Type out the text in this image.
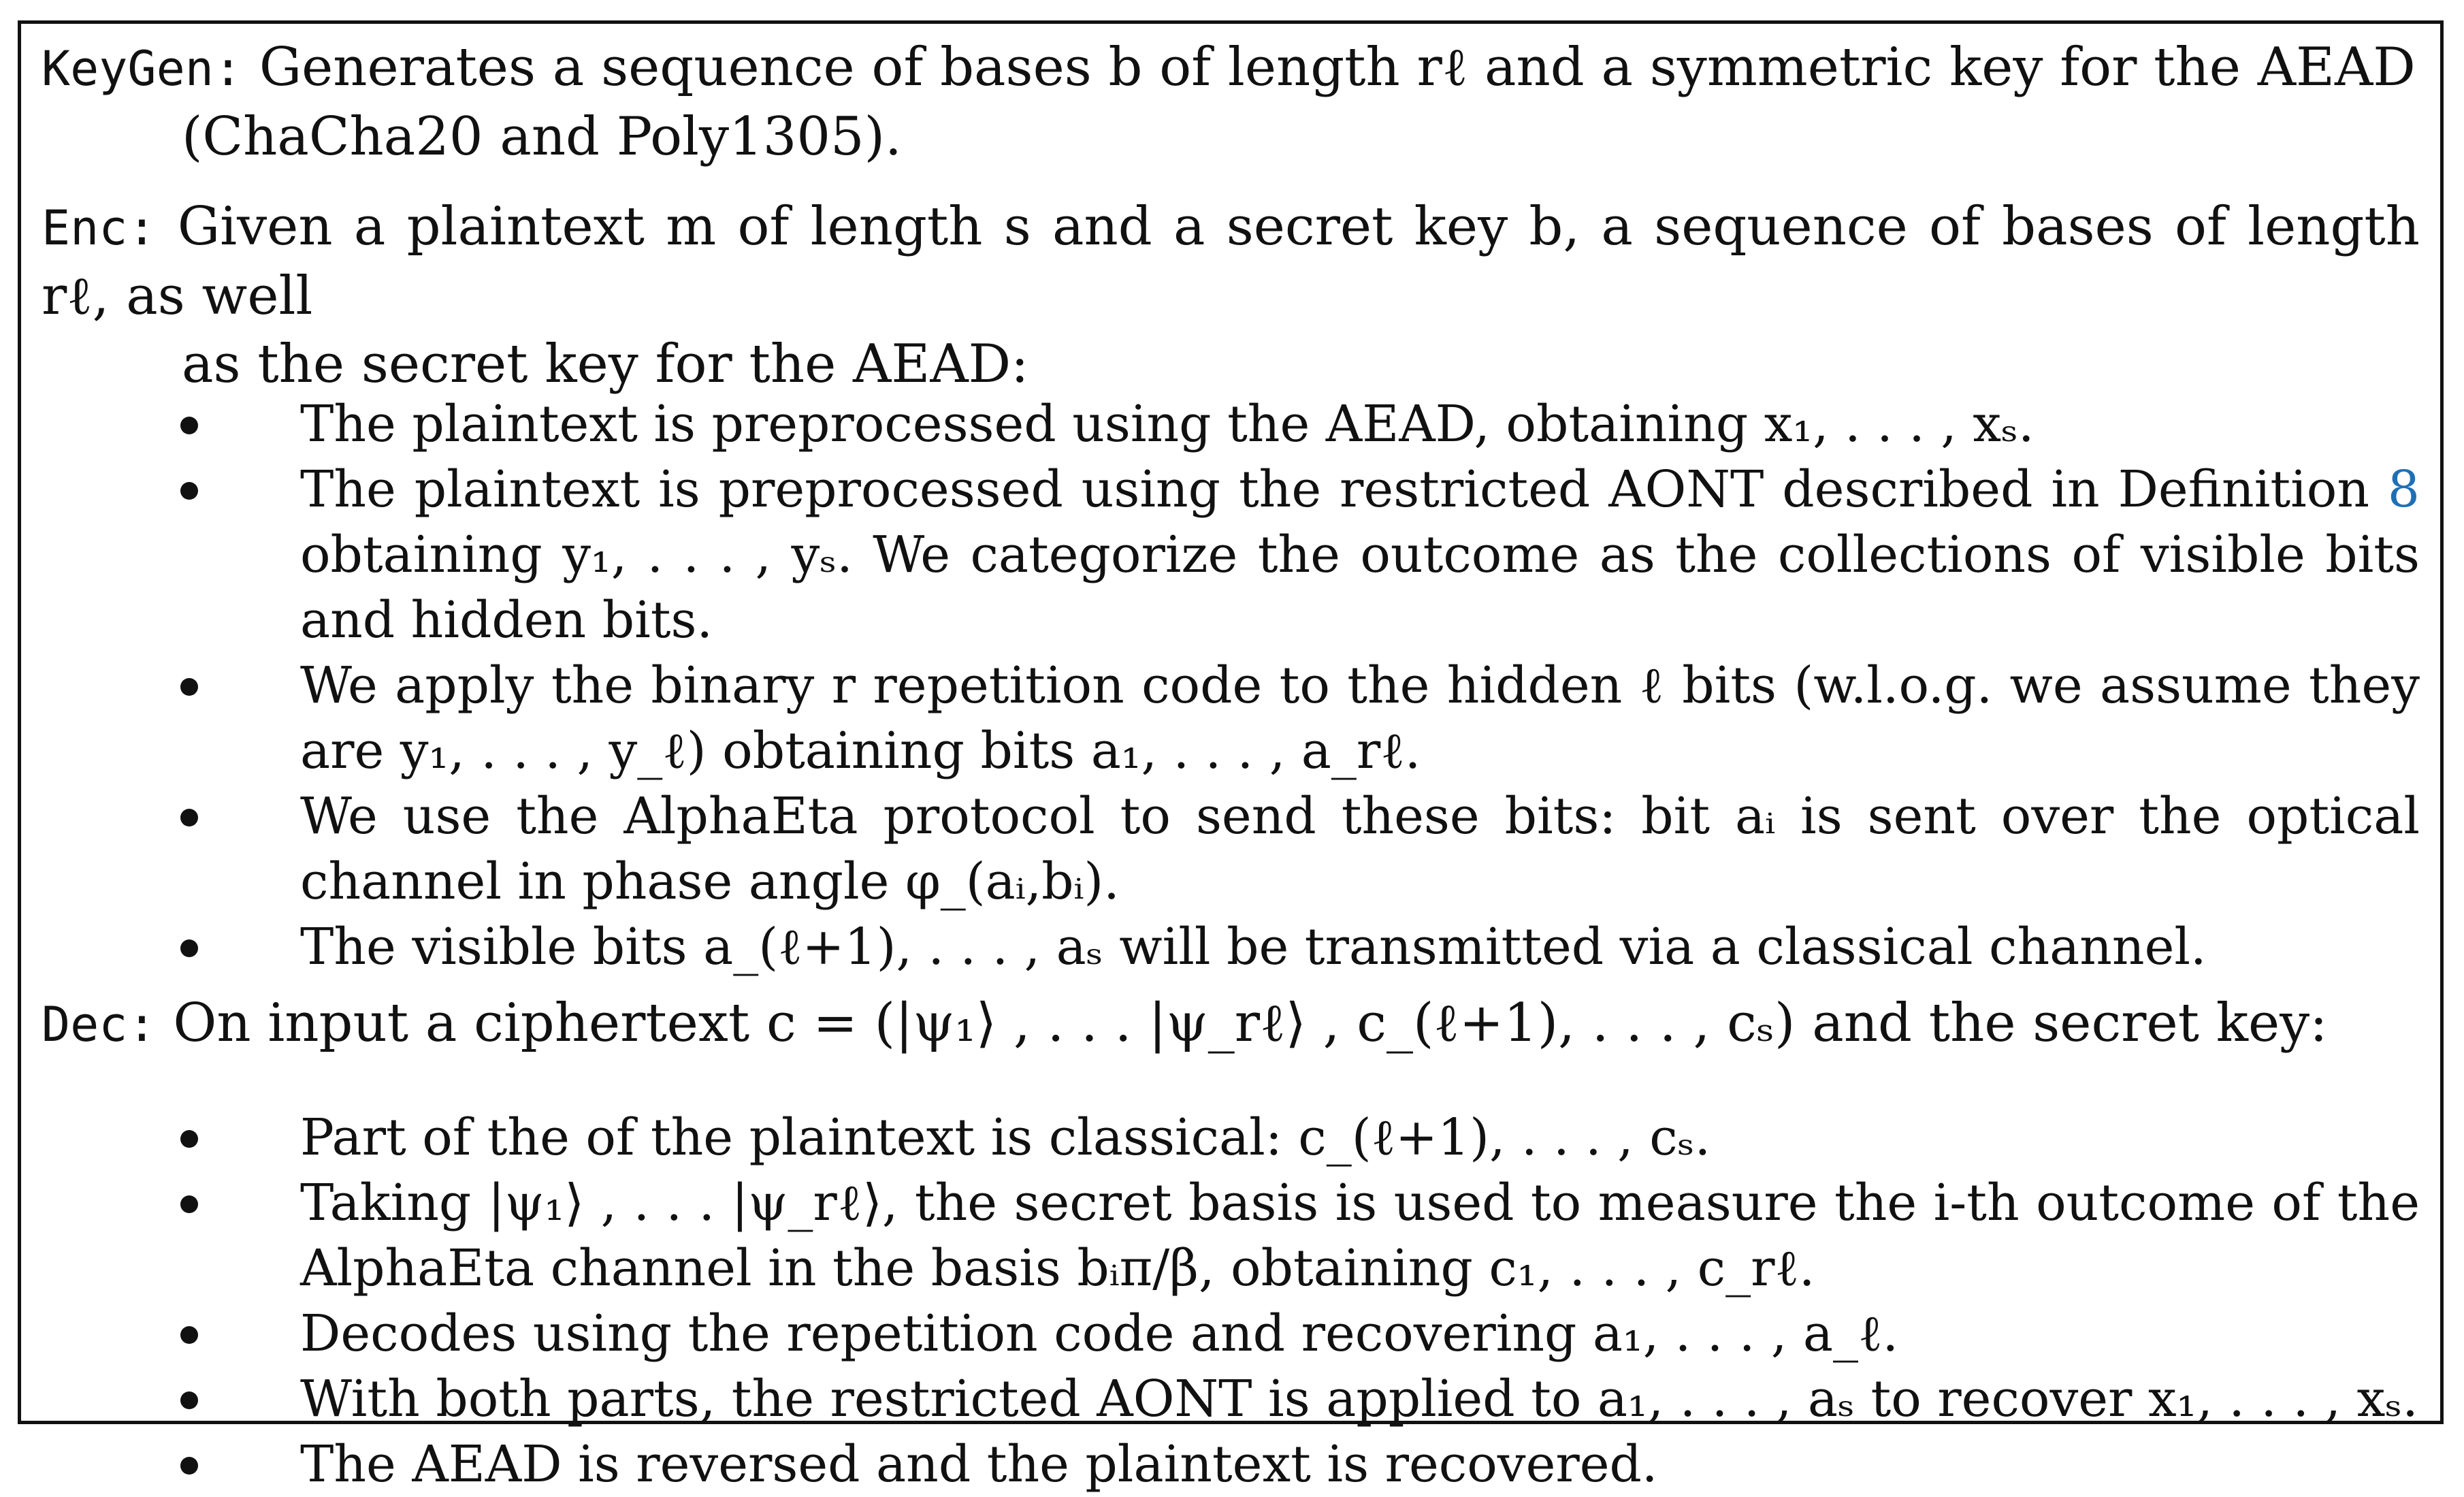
KeyGen: Generates a sequence of bases b of length rℓ and a symmetric key for the AEAD
(ChaCha20 and Poly1305).
Enc: Given a plaintext m of length s and a secret key b, a sequence of bases of length rℓ, as well
as the secret key for the AEAD:
The plaintext is preprocessed using the AEAD, obtaining x₁, . . . , xₛ.
The plaintext is preprocessed using the restricted AONT described in Definition 8 obtaining y₁, . . . , yₛ. We categorize the outcome as the collections of visible bits and hidden bits.
We apply the binary r repetition code to the hidden ℓ bits (w.l.o.g. we assume they are y₁, . . . , y_ℓ) obtaining bits a₁, . . . , a_rℓ.
We use the AlphaEta protocol to send these bits: bit aᵢ is sent over the optical channel in phase angle φ_(aᵢ,bᵢ).
The visible bits a_(ℓ+1), . . . , aₛ will be transmitted via a classical channel.
Dec: On input a ciphertext c = (|ψ₁⟩ , . . . |ψ_rℓ⟩ , c_(ℓ+1), . . . , cₛ) and the secret key:
Part of the of the plaintext is classical: c_(ℓ+1), . . . , cₛ.
Taking |ψ₁⟩ , . . . |ψ_rℓ⟩, the secret basis is used to measure the i-th outcome of the AlphaEta channel in the basis bᵢπ/β, obtaining c₁, . . . , c_rℓ.
Decodes using the repetition code and recovering a₁, . . . , a_ℓ.
With both parts, the restricted AONT is applied to a₁, . . . , aₛ to recover x₁, . . . , xₛ.
The AEAD is reversed and the plaintext is recovered.
